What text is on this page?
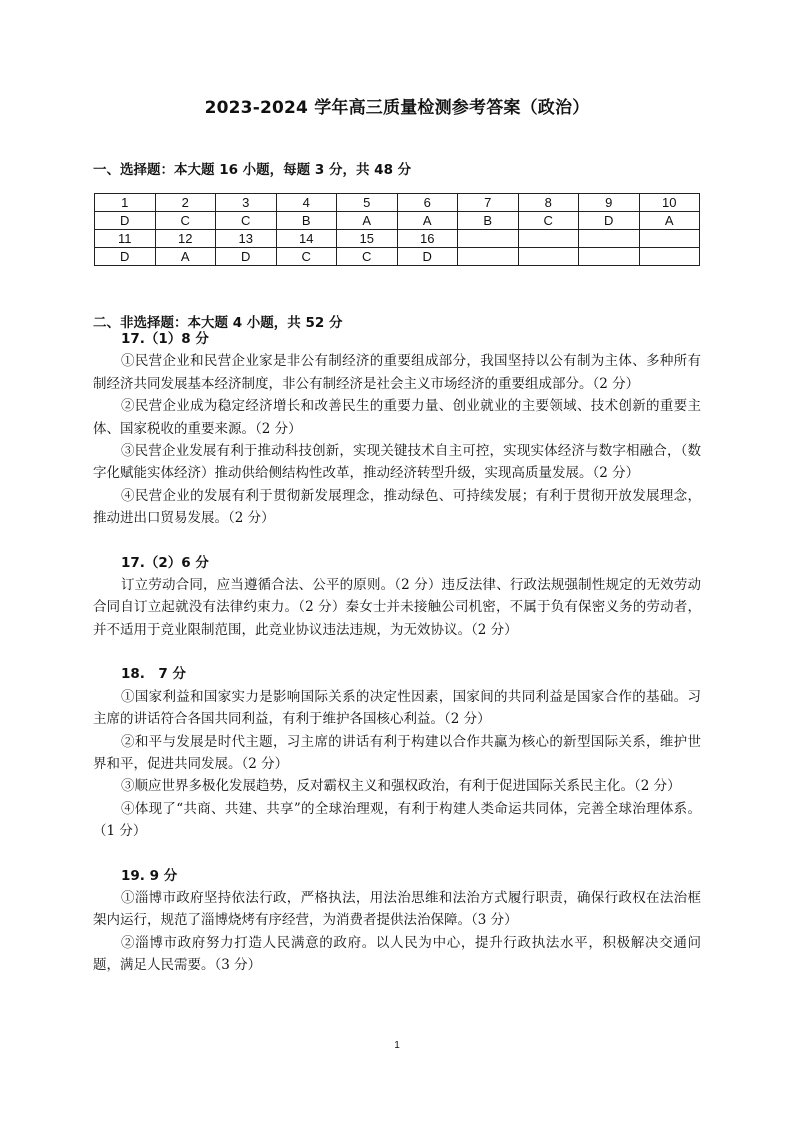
2023-2024 学年高三质量检测参考答案（政治）
一、选择题：本大题 16 小题，每题 3 分，共 48 分
1	2	3	4	5	6	7	8	9	10
D	C	C	B	A	A	B	C	D	A
11	12	13	14	15	16				
D	A	D	C	C	D				
二、非选择题：本大题 4 小题，共 52 分

17.（1）8 分

①民营企业和民营企业家是非公有制经济的重要组成部分，我国坚持以公有制为主体、多种所有制经济共同发展基本经济制度，非公有制经济是社会主义市场经济的重要组成部分。（2 分）

②民营企业成为稳定经济增长和改善民生的重要力量、创业就业的主要领域、技术创新的重要主体、国家税收的重要来源。（2 分）

③民营企业发展有利于推动科技创新，实现关键技术自主可控，实现实体经济与数字相融合，（数字化赋能实体经济）推动供给侧结构性改革，推动经济转型升级，实现高质量发展。（2 分）

④民营企业的发展有利于贯彻新发展理念，推动绿色、可持续发展；有利于贯彻开放发展理念，推动进出口贸易发展。（2 分）

17.（2）6 分

订立劳动合同，应当遵循合法、公平的原则。（2 分）违反法律、行政法规强制性规定的无效劳动合同自订立起就没有法律约束力。（2 分）秦女士并未接触公司机密，不属于负有保密义务的劳动者，并不适用于竞业限制范围，此竞业协议违法违规，为无效协议。（2 分）

18.　7 分

①国家利益和国家实力是影响国际关系的决定性因素，国家间的共同利益是国家合作的基础。习主席的讲话符合各国共同利益，有利于维护各国核心利益。（2 分）

②和平与发展是时代主题，习主席的讲话有利于构建以合作共赢为核心的新型国际关系，维护世界和平，促进共同发展。（2 分）

③顺应世界多极化发展趋势，反对霸权主义和强权政治，有利于促进国际关系民主化。（2 分）

④体现了“共商、共建、共享”的全球治理观，有利于构建人类命运共同体，完善全球治理体系。（1 分）

19. 9 分

①淄博市政府坚持依法行政，严格执法，用法治思维和法治方式履行职责，确保行政权在法治框架内运行，规范了淄博烧烤有序经营，为消费者提供法治保障。（3 分）

②淄博市政府努力打造人民满意的政府。以人民为中心，提升行政执法水平，积极解决交通问题，满足人民需要。（3 分）

1
